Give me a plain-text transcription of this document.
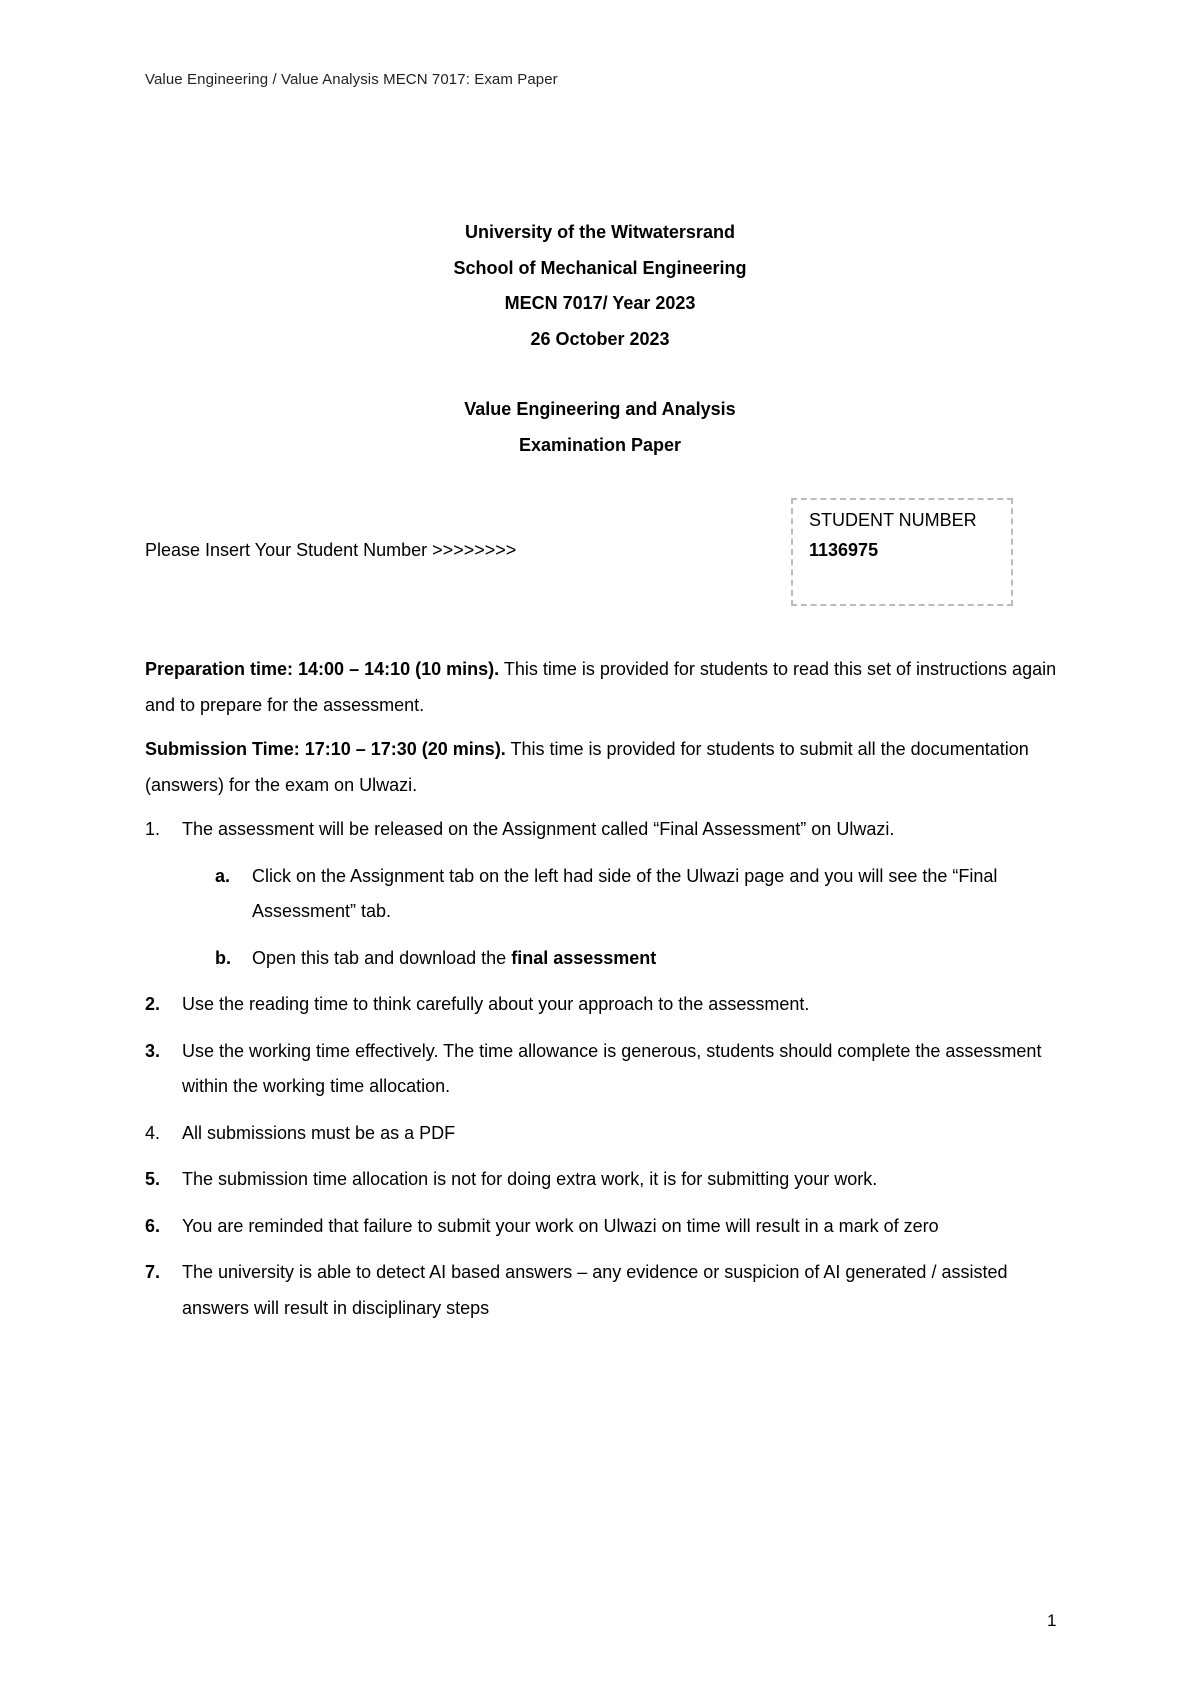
Value Engineering / Value Analysis MECN 7017: Exam Paper
University of the Witwatersrand
School of Mechanical Engineering
MECN 7017/ Year 2023
26 October 2023
Value Engineering and Analysis
Examination Paper
Please Insert Your Student Number >>>>>>>>
STUDENT NUMBER
1136975

Preparation time: 14:00 – 14:10 (10 mins). This time is provided for students to read this set of instructions again and to prepare for the assessment.

Submission Time: 17:10 – 17:30 (20 mins). This time is provided for students to submit all the documentation (answers) for the exam on Ulwazi.

1.	The assessment will be released on the Assignment called “Final Assessment” on Ulwazi.
a.	Click on the Assignment tab on the left had side of the Ulwazi page and you will see the “Final Assessment” tab.
b.	Open this tab and download the final assessment
2.	Use the reading time to think carefully about your approach to the assessment.
3.	Use the working time effectively. The time allowance is generous, students should complete the assessment within the working time allocation.
4.	All submissions must be as a PDF
5.	The submission time allocation is not for doing extra work, it is for submitting your work.
6.	You are reminded that failure to submit your work on Ulwazi on time will result in a mark of zero
7.	The university is able to detect AI based answers – any evidence or suspicion of AI generated / assisted answers will result in disciplinary steps
1
